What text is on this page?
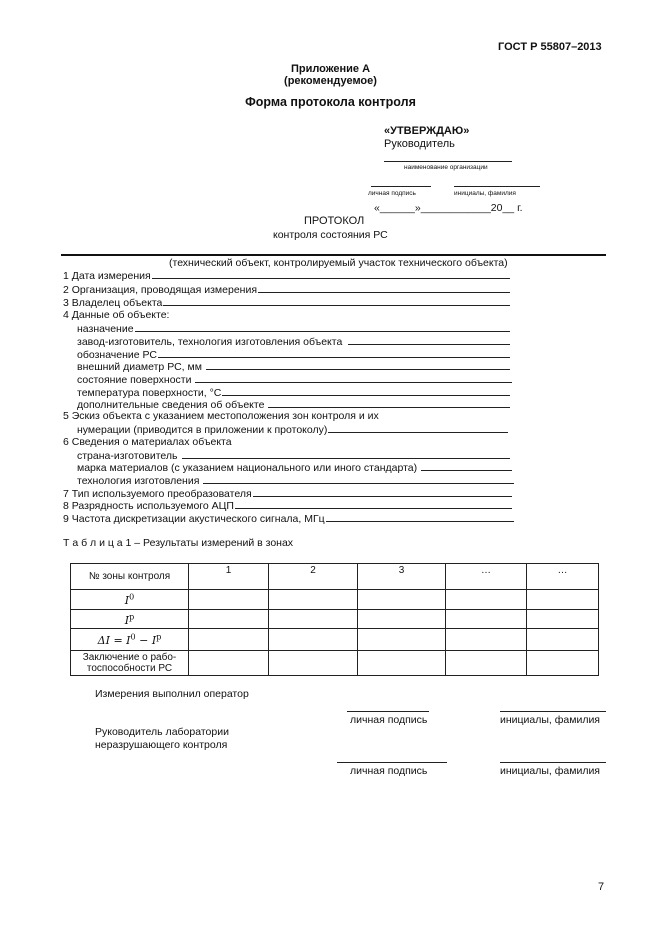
ГОСТ Р 55807–2013
Приложение А
(рекомендуемое)
Форма протокола контроля
«УТВЕРЖДАЮ»
Руководитель
наименование организации
личная подпись	инициалы, фамилия
«______»____________20__ г.
ПРОТОКОЛ
контроля состояния РС
(технический объект, контролируемый участок технического объекта)
1 Дата измерения
2 Организация, проводящая измерения
3 Владелец объекта
4 Данные об объекте:
назначение
завод-изготовитель, технология изготовления объекта
обозначение РС
внешний диаметр РС, мм
состояние поверхности
температура поверхности, °С
дополнительные сведения об объекте
5 Эскиз объекта с указанием местоположения зон контроля и их
нумерации (приводится в приложении к протоколу)
6 Сведения о материалах объекта
страна-изготовитель
марка материалов (с указанием национального или иного стандарта)
технология изготовления
7 Тип используемого преобразователя
8 Разрядность используемого АЦП
9 Частота дискретизации акустического сигнала, МГц
Т а б л и ц а 1 – Результаты измерений в зонах
№ зоны контроля	1	2	3	…	…
$I^0$					
$I^p$					
$\Delta I = I^0 - I^p$					
Заключение о рабо-тоспособности РС					
Измерения выполнил оператор
личная подпись	инициалы, фамилия
Руководитель лаборатории
неразрушающего контроля
личная подпись	инициалы, фамилия
7
